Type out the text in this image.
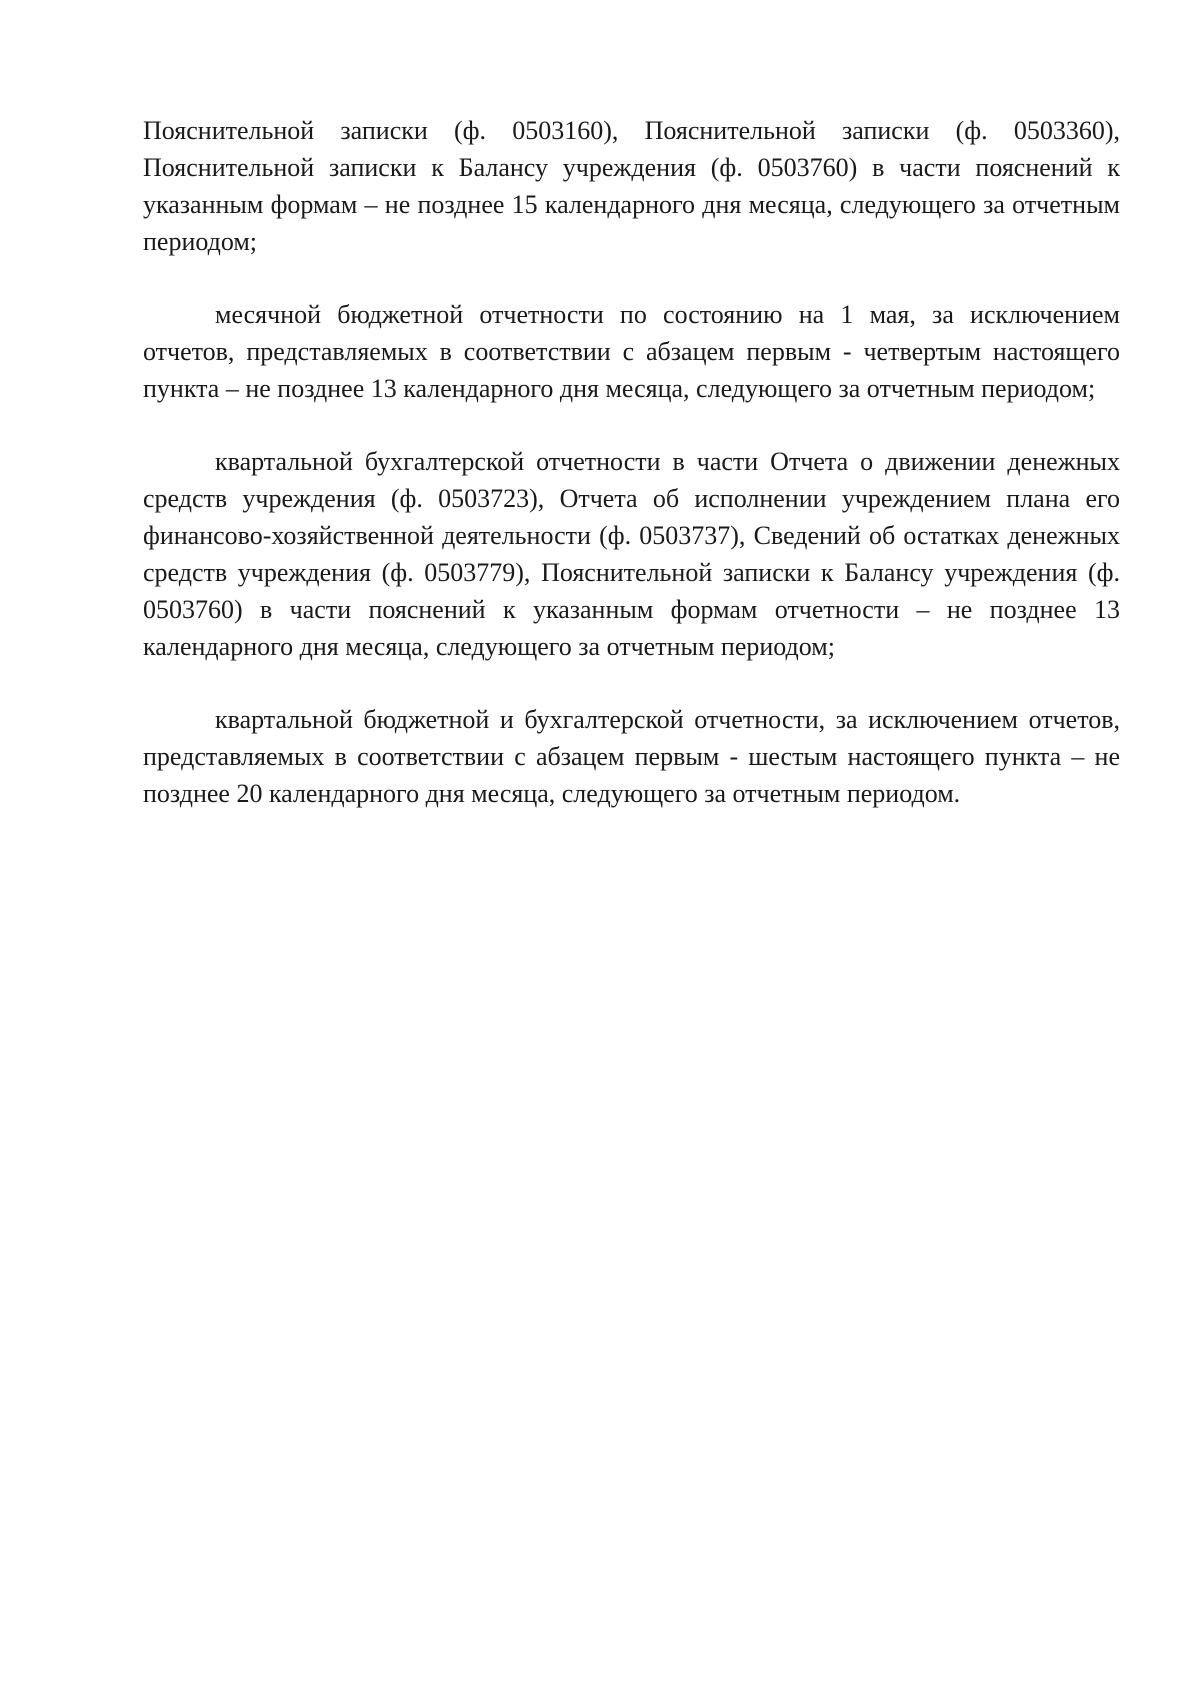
Пояснительной записки (ф. 0503160), Пояснительной записки (ф. 0503360), Пояснительной записки к Балансу учреждения (ф. 0503760) в части пояснений к указанным формам – не позднее 15 календарного дня месяца, следующего за отчетным периодом;

месячной бюджетной отчетности по состоянию на 1 мая, за исключением отчетов, представляемых в соответствии с абзацем первым - четвертым настоящего пункта – не позднее 13 календарного дня месяца, следующего за отчетным периодом;

квартальной бухгалтерской отчетности в части Отчета о движении денежных средств учреждения (ф. 0503723), Отчета об исполнении учреждением плана его финансово-хозяйственной деятельности (ф. 0503737), Сведений об остатках денежных средств учреждения (ф. 0503779), Пояснительной записки к Балансу учреждения (ф. 0503760) в части пояснений к указанным формам отчетности – не позднее 13 календарного дня месяца, следующего за отчетным периодом;

квартальной бюджетной и бухгалтерской отчетности, за исключением отчетов, представляемых в соответствии с абзацем первым - шестым настоящего пункта – не позднее 20 календарного дня месяца, следующего за отчетным периодом.
